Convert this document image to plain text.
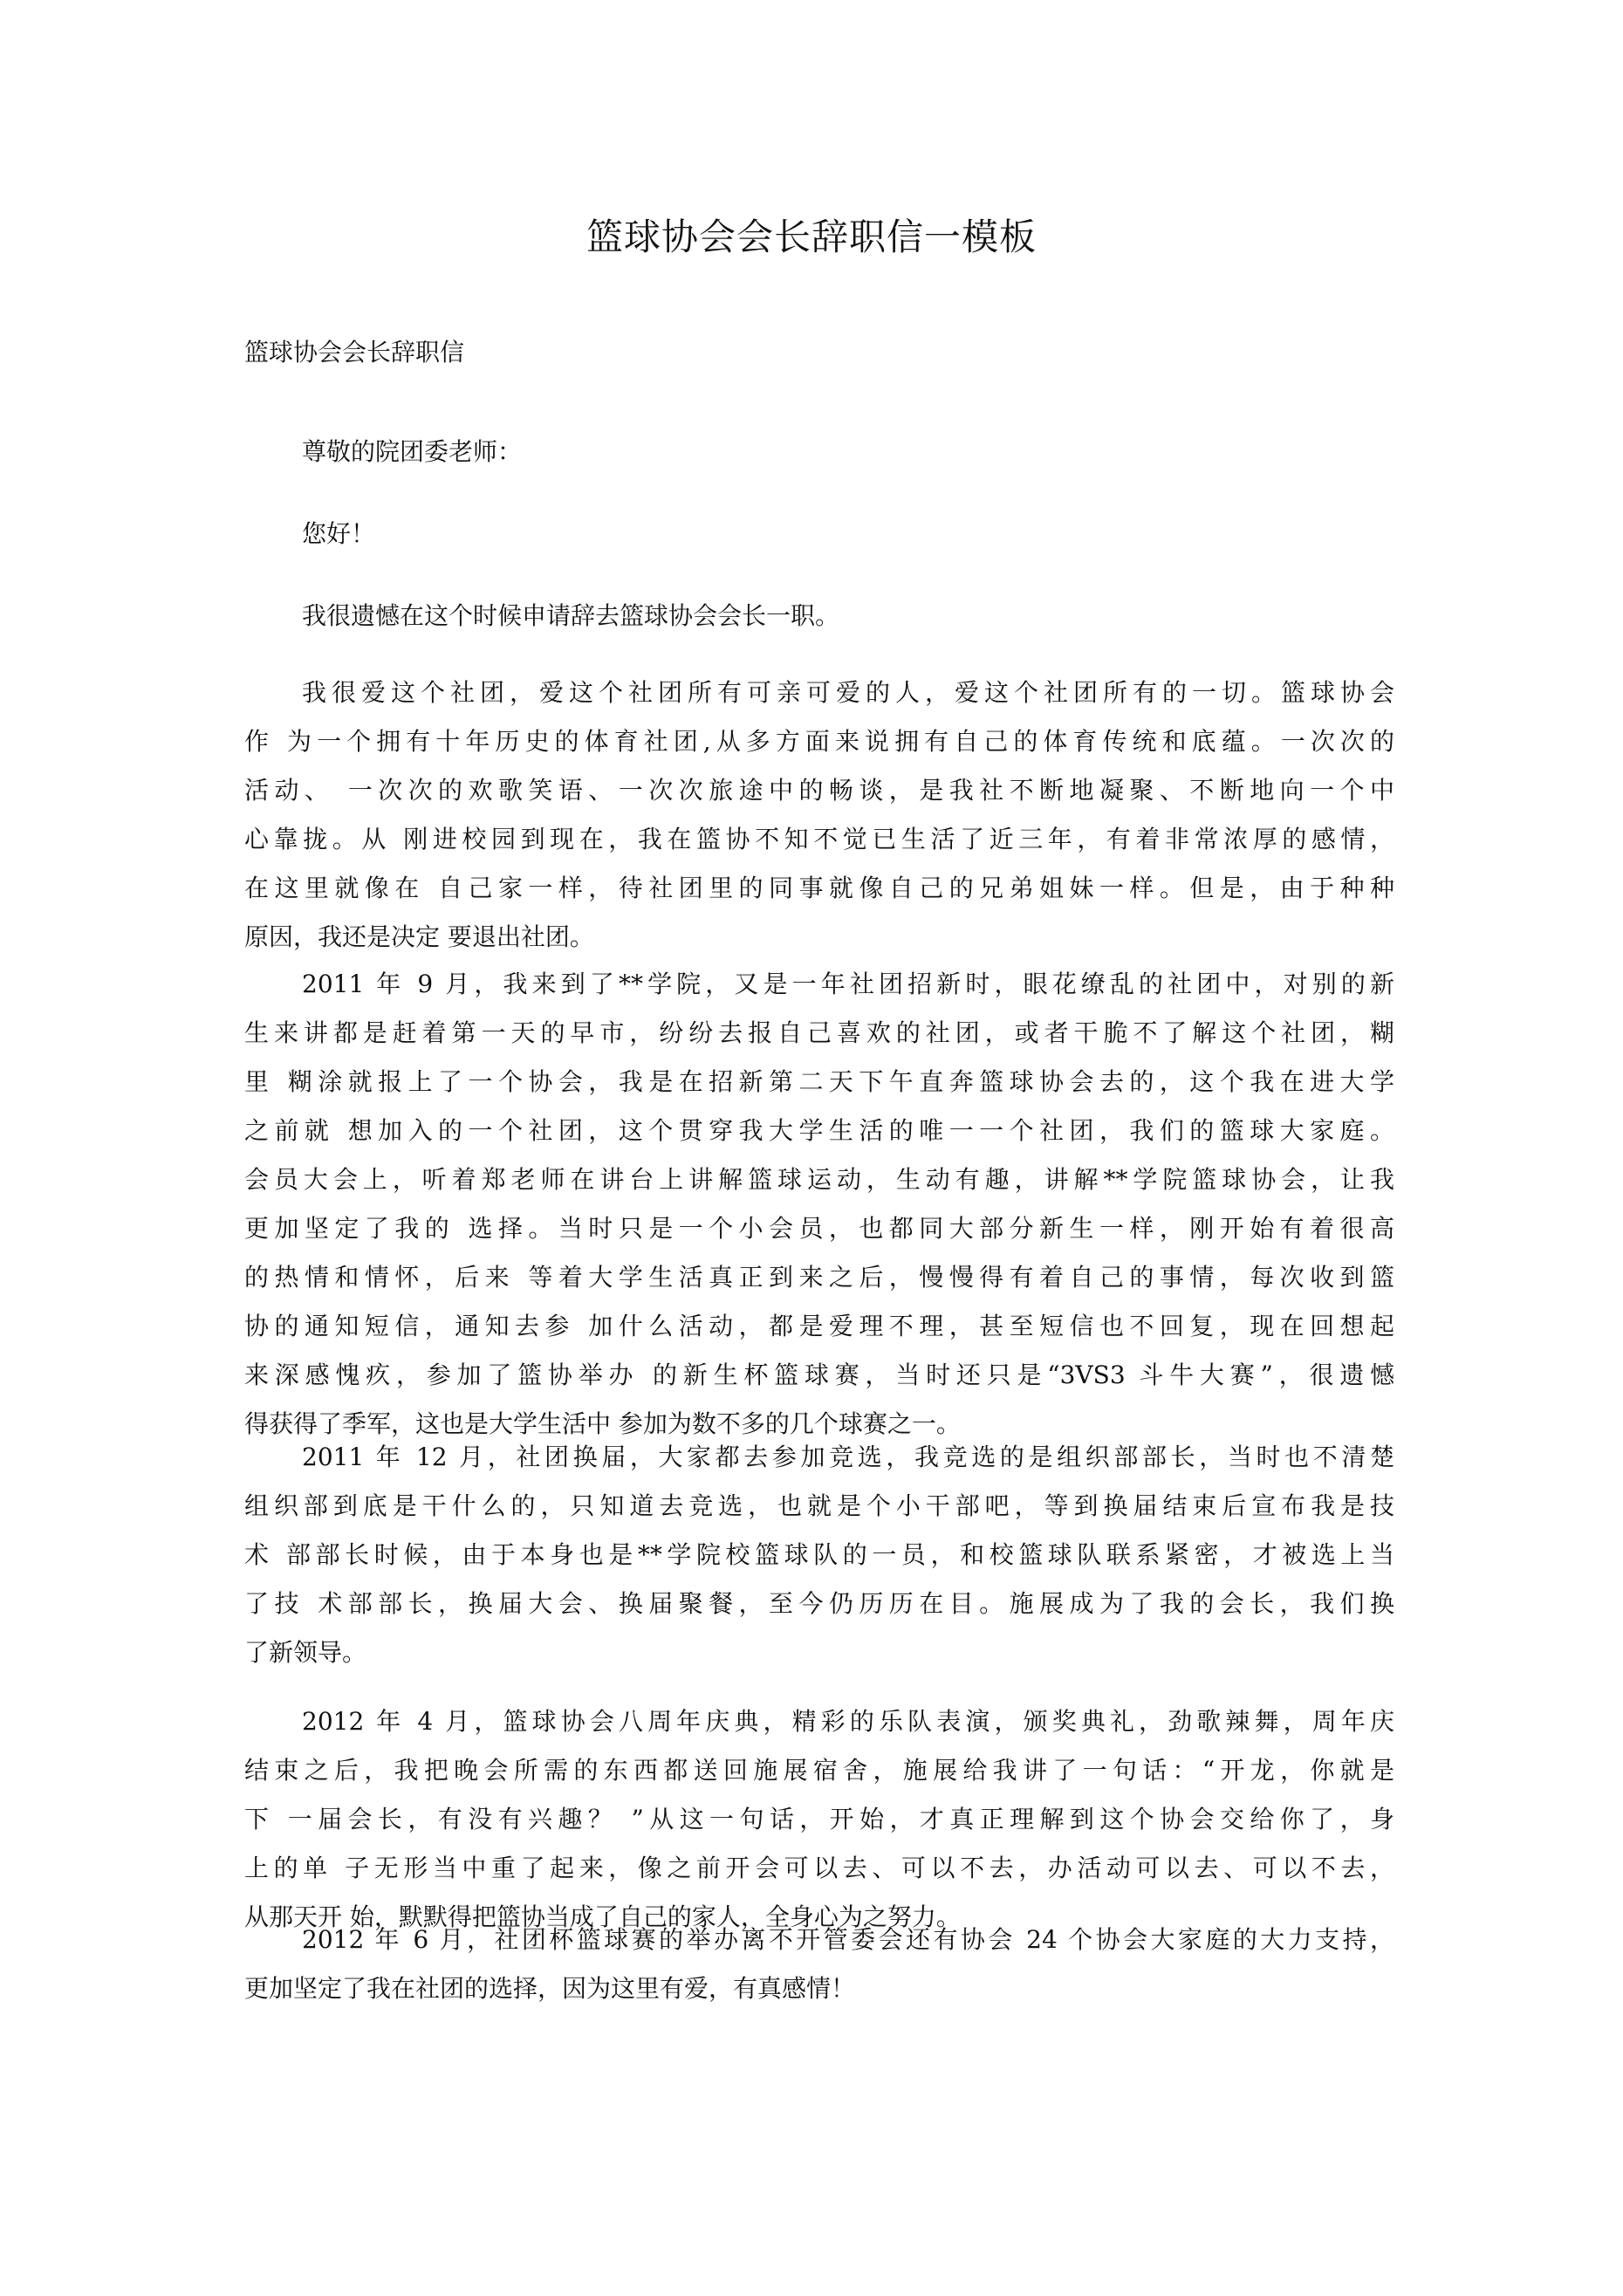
篮球协会会长辞职信一模板
篮球协会会长辞职信
尊敬的院团委老师：
您好！
我很遗憾在这个时候申请辞去篮球协会会长一职。
我很爱这个社团，爱这个社团所有可亲可爱的人，爱这个社团所有的一切。篮球协会
作 为一个拥有十年历史的体育社团,从多方面来说拥有自己的体育传统和底蕴。一次次的
活动、 一次次的欢歌笑语、一次次旅途中的畅谈，是我社不断地凝聚、不断地向一个中
心靠拢。从 刚进校园到现在，我在篮协不知不觉已生活了近三年，有着非常浓厚的感情，
在这里就像在 自己家一样，待社团里的同事就像自己的兄弟姐妹一样。但是，由于种种
原因，我还是决定 要退出社团。
2011 年 9 月，我来到了**学院，又是一年社团招新时，眼花缭乱的社团中，对别的新
生来讲都是赶着第一天的早市，纷纷去报自己喜欢的社团，或者干脆不了解这个社团，糊
里 糊涂就报上了一个协会，我是在招新第二天下午直奔篮球协会去的，这个我在进大学
之前就 想加入的一个社团，这个贯穿我大学生活的唯一一个社团，我们的篮球大家庭。
会员大会上，听着郑老师在讲台上讲解篮球运动，生动有趣，讲解**学院篮球协会，让我
更加坚定了我的 选择。当时只是一个小会员，也都同大部分新生一样，刚开始有着很高
的热情和情怀，后来 等着大学生活真正到来之后，慢慢得有着自己的事情，每次收到篮
协的通知短信，通知去参 加什么活动，都是爱理不理，甚至短信也不回复，现在回想起
来深感愧疚，参加了篮协举办 的新生杯篮球赛，当时还只是“3VS3 斗牛大赛”，很遗憾
得获得了季军，这也是大学生活中 参加为数不多的几个球赛之一。
2011 年 12 月，社团换届，大家都去参加竞选，我竞选的是组织部部长，当时也不清楚
组织部到底是干什么的，只知道去竞选，也就是个小干部吧，等到换届结束后宣布我是技
术 部部长时候，由于本身也是**学院校篮球队的一员，和校篮球队联系紧密，才被选上当
了技 术部部长，换届大会、换届聚餐，至今仍历历在目。施展成为了我的会长，我们换
了新领导。
2012 年 4 月，篮球协会八周年庆典，精彩的乐队表演，颁奖典礼，劲歌辣舞，周年庆
结束之后，我把晚会所需的东西都送回施展宿舍，施展给我讲了一句话：“开龙，你就是
下 一届会长，有没有兴趣？ ”从这一句话，开始，才真正理解到这个协会交给你了，身
上的单 子无形当中重了起来，像之前开会可以去、可以不去，办活动可以去、可以不去，
从那天开 始，默默得把篮协当成了自己的家人，全身心为之努力。
2012 年 6 月，社团杯篮球赛的举办离不开管委会还有协会 24 个协会大家庭的大力支持，
更加坚定了我在社团的选择，因为这里有爱，有真感情！
